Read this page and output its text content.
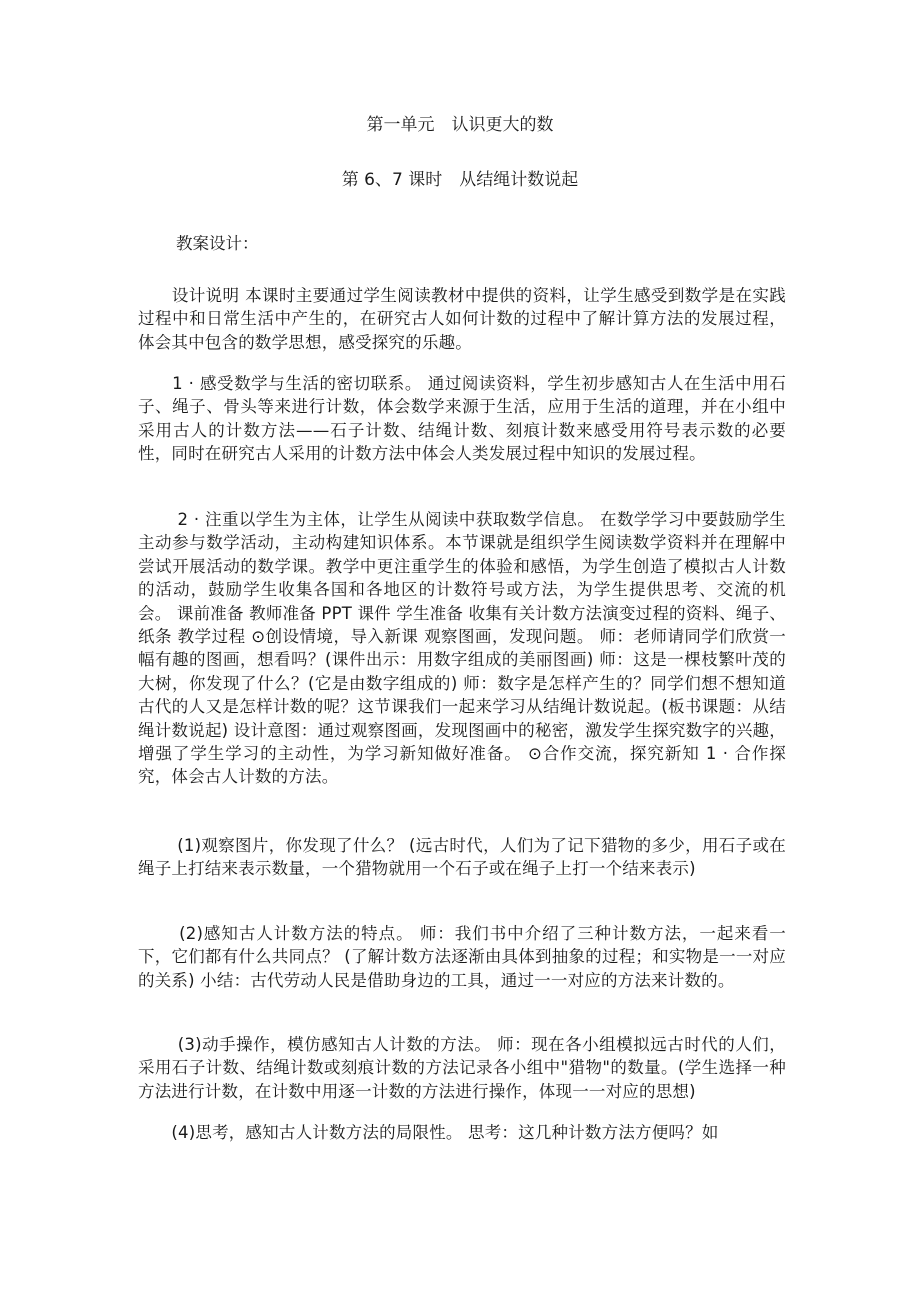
第一单元　认识更大的数
第 6、7 课时　从结绳计数说起
教案设计：
　　设计说明 本课时主要通过学生阅读教材中提供的资料，让学生感受到数学是在实践过程中和日常生活中产生的，在研究古人如何计数的过程中了解计算方法的发展过程，体会其中包含的数学思想，感受探究的乐趣。
　　1 · 感受数学与生活的密切联系。 通过阅读资料，学生初步感知古人在生活中用石子、绳子、骨头等来进行计数，体会数学来源于生活，应用于生活的道理，并在小组中采用古人的计数方法——石子计数、结绳计数、刻痕计数来感受用符号表示数的必要性，同时在研究古人采用的计数方法中体会人类发展过程中知识的发展过程。
　　 2 · 注重以学生为主体，让学生从阅读中获取数学信息。 在数学学习中要鼓励学生主动参与数学活动，主动构建知识体系。本节课就是组织学生阅读数学资料并在理解中尝试开展活动的数学课。教学中更注重学生的体验和感悟，为学生创造了模拟古人计数的活动，鼓励学生收集各国和各地区的计数符号或方法，为学生提供思考、交流的机会。 课前准备 教师准备 PPT 课件 学生准备 收集有关计数方法演变过程的资料、绳子、纸条 教学过程 ⊙创设情境，导入新课 观察图画，发现问题。 师：老师请同学们欣赏一幅有趣的图画，想看吗？(课件出示：用数字组成的美丽图画) 师：这是一棵枝繁叶茂的大树，你发现了什么？(它是由数字组成的) 师：数字是怎样产生的？同学们想不想知道古代的人又是怎样计数的呢？这节课我们一起来学习从结绳计数说起。(板书课题：从结绳计数说起) 设计意图：通过观察图画，发现图画中的秘密，激发学生探究数字的兴趣，增强了学生学习的主动性，为学习新知做好准备。 ⊙合作交流，探究新知 1 · 合作探究，体会古人计数的方法。
　　 (1)观察图片，你发现了什么？ (远古时代，人们为了记下猎物的多少，用石子或在绳子上打结来表示数量，一个猎物就用一个石子或在绳子上打一个结来表示)
　　 (2)感知古人计数方法的特点。 师：我们书中介绍了三种计数方法，一起来看一下，它们都有什么共同点？ (了解计数方法逐渐由具体到抽象的过程；和实物是一一对应的关系) 小结：古代劳动人民是借助身边的工具，通过一一对应的方法来计数的。
　　 (3)动手操作，模仿感知古人计数的方法。 师：现在各小组模拟远古时代的人们，采用石子计数、结绳计数或刻痕计数的方法记录各小组中"猎物"的数量。(学生选择一种方法进行计数，在计数中用逐一计数的方法进行操作，体现一一对应的思想)
　　(4)思考，感知古人计数方法的局限性。 思考：这几种计数方法方便吗？如
